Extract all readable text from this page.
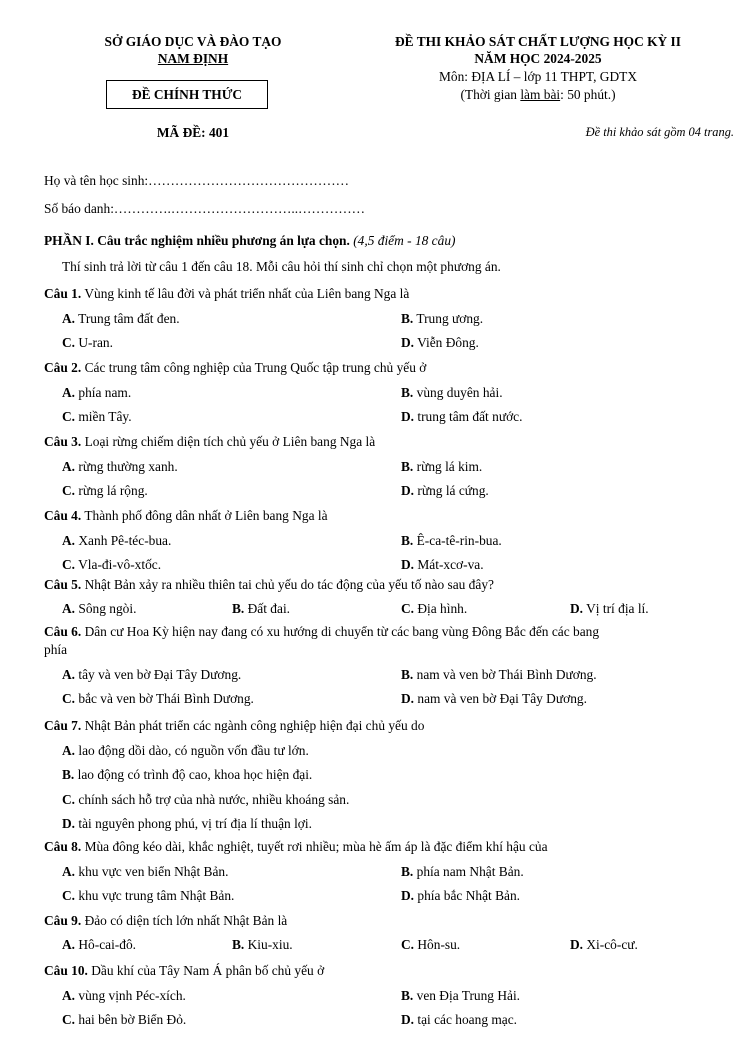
SỞ GIÁO DỤC VÀ ĐÀO TẠO
NAM ĐỊNH
ĐỀ CHÍNH THỨC
MÃ ĐỀ: 401
ĐỀ THI KHẢO SÁT CHẤT LƯỢNG HỌC KỲ II
NĂM HỌC 2024-2025
Môn: ĐỊA LÍ – lớp 11 THPT, GDTX
(Thời gian làm bài: 50 phút.)
Đề thi khảo sát gồm 04 trang.
Họ và tên học sinh:………………………………………
Số báo danh:………….………………………..……………
PHẦN I. Câu trắc nghiệm nhiều phương án lựa chọn. (4,5 điểm - 18 câu)
Thí sinh trả lời từ câu 1 đến câu 18. Mỗi câu hỏi thí sinh chỉ chọn một phương án.
Câu 1. Vùng kinh tế lâu đời và phát triển nhất của Liên bang Nga là
A. Trung tâm đất đen.	B. Trung ương.
C. U-ran.	D. Viễn Đông.
Câu 2. Các trung tâm công nghiệp của Trung Quốc tập trung chủ yếu ở
A. phía nam.	B. vùng duyên hải.
C. miền Tây.	D. trung tâm đất nước.
Câu 3. Loại rừng chiếm diện tích chủ yếu ở Liên bang Nga là
A. rừng thường xanh.	B. rừng lá kim.
C. rừng lá rộng.	D. rừng lá cứng.
Câu 4. Thành phố đông dân nhất ở Liên bang Nga là
A. Xanh Pê-téc-bua.	B. Ê-ca-tê-rin-bua.
C. Vla-đi-vô-xtốc.	D. Mát-xcơ-va.
Câu 5. Nhật Bản xảy ra nhiều thiên tai chủ yếu do tác động của yếu tố nào sau đây?
A. Sông ngòi.	B. Đất đai.	C. Địa hình.	D. Vị trí địa lí.
Câu 6. Dân cư Hoa Kỳ hiện nay đang có xu hướng di chuyển từ các bang vùng Đông Bắc đến các bang
phía
A. tây và ven bờ Đại Tây Dương.	B. nam và ven bờ Thái Bình Dương.
C. bắc và ven bờ Thái Bình Dương.	D. nam và ven bờ Đại Tây Dương.
Câu 7. Nhật Bản phát triển các ngành công nghiệp hiện đại chủ yếu do
A. lao động dồi dào, có nguồn vốn đầu tư lớn.
B. lao động có trình độ cao, khoa học hiện đại.
C. chính sách hỗ trợ của nhà nước, nhiều khoáng sản.
D. tài nguyên phong phú, vị trí địa lí thuận lợi.
Câu 8. Mùa đông kéo dài, khắc nghiệt, tuyết rơi nhiều; mùa hè ấm áp là đặc điểm khí hậu của
A. khu vực ven biển Nhật Bản.	B. phía nam Nhật Bản.
C. khu vực trung tâm Nhật Bản.	D. phía bắc Nhật Bản.
Câu 9. Đảo có diện tích lớn nhất Nhật Bản là
A. Hô-cai-đô.	B. Kiu-xiu.	C. Hôn-su.	D. Xi-cô-cư.
Câu 10. Dầu khí của Tây Nam Á phân bố chủ yếu ở
A. vùng vịnh Péc-xích.	B. ven Địa Trung Hải.
C. hai bên bờ Biển Đỏ.	D. tại các hoang mạc.
